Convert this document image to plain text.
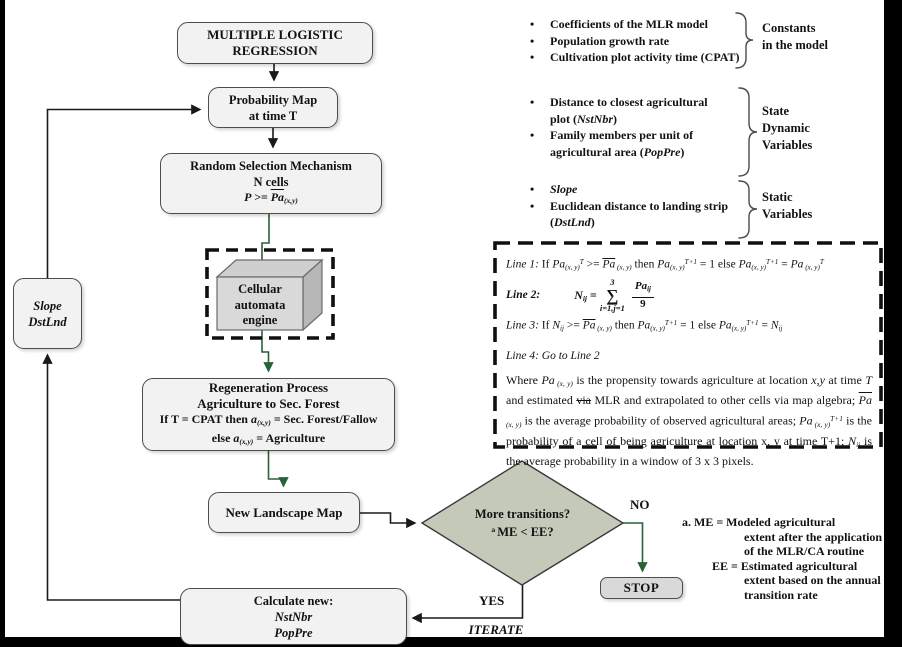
MULTIPLE LOGISTIC
REGRESSION
Probability Map
at time T
Random Selection Mechanism
N cells
$P >= \overline{Pa}(x,y)$
Cellular
automata
engine
Regeneration Process
Agriculture to Sec. Forest
If T = CPAT then a(x,y) = Sec. Forest/Fallow
else a(x,y) = Agriculture
New Landscape Map
Calculate new:
NstNbr
PopPre
Slope
DstLnd
STOP
More transitions?
$^a$ ME < EE?
NO
YES
ITERATE
•	Coefficients of the MLR model
•	Population growth rate
•	Cultivation plot activity time (CPAT)
Constants
in the model
•	Distance to closest agricultural plot (NstNbr)
•	Family members per unit of agricultural area (PopPre)
State
Dynamic
Variables
•	Slope
•	Euclidean distance to landing strip (DstLnd)
Static
Variables
Line 1: If Pa(x, $y)^T >= \overline{Pa}$ (x, y) then Pa(x, y)$^{T+1}$ = 1 else Pa(x, y)$^{T+1}$ = Pa (x, y)$^T$
Line 2:	Nij =
3
∑
$i=1,j=1 \frac{\text{Paij}}{9}$
Line 3: If Nij >= $\overline{Pa}$ (x, y) then Pa(x, y)$^{T+1}$ = 1 else Pa(x, y)$^{T+1}$ = Nij
Line 4: Go to Line 2
Where Pa (x, y) is the propensity towards agriculture at location x,y at time T and estimated via MLR and extrapolated to other cells via map algebra; $\overline{Pa}$ (x, y) is the average probability of observed agricultural areas; Pa (x, y)$^{T+1}$ is the probability of a cell of being agriculture at location x, y at time T+1; Nij is the average probability in a window of 3 x 3 pixels.
a. ME = Modeled agricultural
extent after the application
of the MLR/CA routine
EE = Estimated agricultural
extent based on the annual
transition rate
